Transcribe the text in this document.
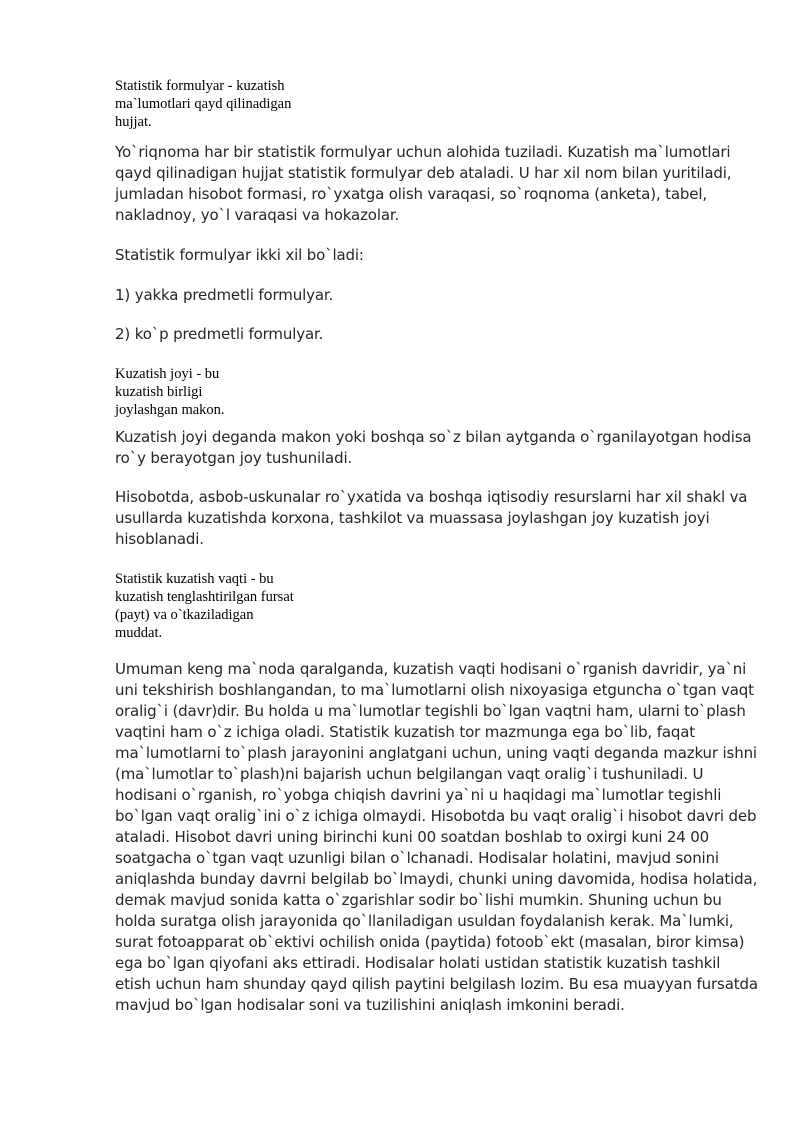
Statistik formulyar - kuzatish
ma`lumotlari qayd qilinadigan
hujjat.
Yo`riqnoma har bir statistik formulyar uchun alohida tuziladi. Kuzatish ma`lumotlari
qayd qilinadigan hujjat statistik formulyar deb ataladi. U har xil nom bilan yuritiladi,
jumladan hisobot formasi, ro`yxatga olish varaqasi, so`roqnoma (anketa), tabel,
nakladnoy, yo`l varaqasi va hokazolar.
Statistik formulyar ikki xil bo`ladi:
1) yakka predmetli formulyar.
2) ko`p predmetli formulyar.
Kuzatish joyi - bu
kuzatish birligi
joylashgan makon.
Kuzatish joyi deganda makon yoki boshqa so`z bilan aytganda o`rganilayotgan hodisa
ro`y berayotgan joy tushuniladi.
Hisobotda, asbob-uskunalar ro`yxatida va boshqa iqtisodiy resurslarni har xil shakl va
usullarda kuzatishda korxona, tashkilot va muassasa joylashgan joy kuzatish joyi
hisoblanadi.
Statistik kuzatish vaqti - bu
kuzatish tenglashtirilgan fursat
(payt) va o`tkaziladigan
muddat.
Umuman keng ma`noda qaralganda, kuzatish vaqti hodisani o`rganish davridir, ya`ni
uni tekshirish boshlangandan, to ma`lumotlarni olish nixoyasiga etguncha o`tgan vaqt
oralig`i (davr)dir. Bu holda u ma`lumotlar tegishli bo`lgan vaqtni ham, ularni to`plash
vaqtini ham o`z ichiga oladi. Statistik kuzatish tor mazmunga ega bo`lib, faqat
ma`lumotlarni to`plash jarayonini anglatgani uchun, uning vaqti deganda mazkur ishni
(ma`lumotlar to`plash)ni bajarish uchun belgilangan vaqt oralig`i tushuniladi. U
hodisani o`rganish, ro`yobga chiqish davrini ya`ni u haqidagi ma`lumotlar tegishli
bo`lgan vaqt oralig`ini o`z ichiga olmaydi. Hisobotda bu vaqt oralig`i hisobot davri deb
ataladi. Hisobot davri uning birinchi kuni 00 soatdan boshlab to oxirgi kuni 24 00
soatgacha o`tgan vaqt uzunligi bilan o`lchanadi. Hodisalar holatini, mavjud sonini
aniqlashda bunday davrni belgilab bo`lmaydi, chunki uning davomida, hodisa holatida,
demak mavjud sonida katta o`zgarishlar sodir bo`lishi mumkin. Shuning uchun bu
holda suratga olish jarayonida qo`llaniladigan usuldan foydalanish kerak. Ma`lumki,
surat fotoapparat ob`ektivi ochilish onida (paytida) fotoob`ekt (masalan, biror kimsa)
ega bo`lgan qiyofani aks ettiradi. Hodisalar holati ustidan statistik kuzatish tashkil
etish uchun ham shunday qayd qilish paytini belgilash lozim. Bu esa muayyan fursatda
mavjud bo`lgan hodisalar soni va tuzilishini aniqlash imkonini beradi.
